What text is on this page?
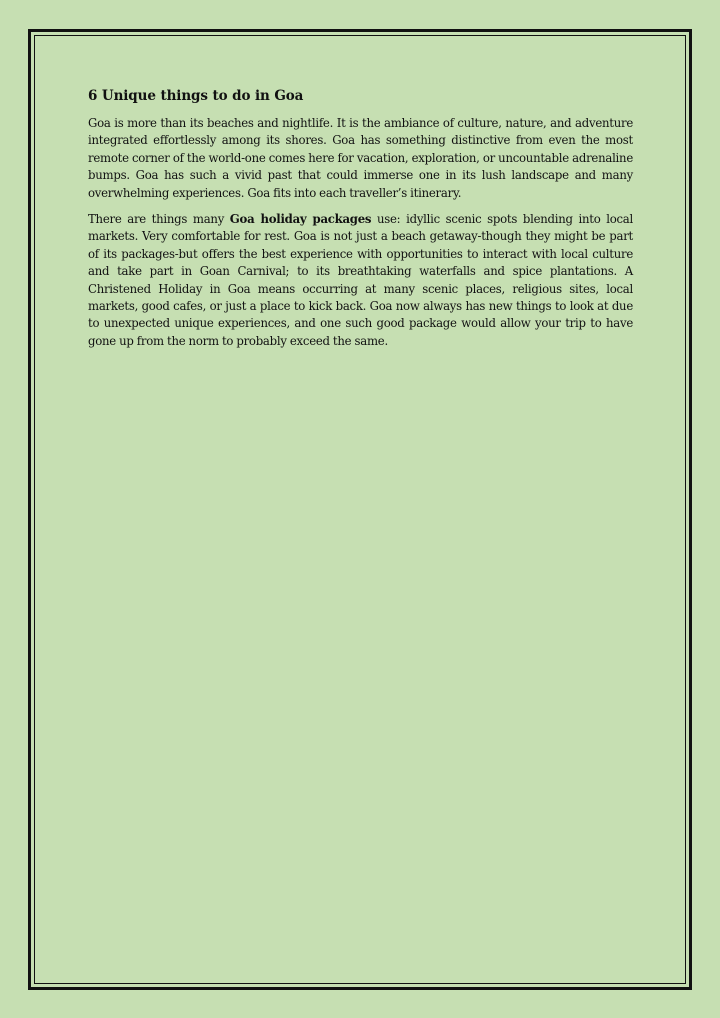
6 Unique things to do in Goa

Goa is more than its beaches and nightlife. It is the ambiance of culture, nature, and adventure integrated effortlessly among its shores. Goa has something distinctive from even the most remote corner of the world-one comes here for vacation, exploration, or uncountable adrenaline bumps. Goa has such a vivid past that could immerse one in its lush landscape and many overwhelming experiences. Goa fits into each traveller’s itinerary.

There are things many Goa holiday packages use: idyllic scenic spots blending into local markets. Very comfortable for rest. Goa is not just a beach getaway-though they might be part of its packages-but offers the best experience with opportunities to interact with local culture and take part in Goan Carnival; to its breathtaking waterfalls and spice plantations. A Christened Holiday in Goa means occurring at many scenic places, religious sites, local markets, good cafes, or just a place to kick back. Goa now always has new things to look at due to unexpected unique experiences, and one such good package would allow your trip to have gone up from the norm to probably exceed the same.
